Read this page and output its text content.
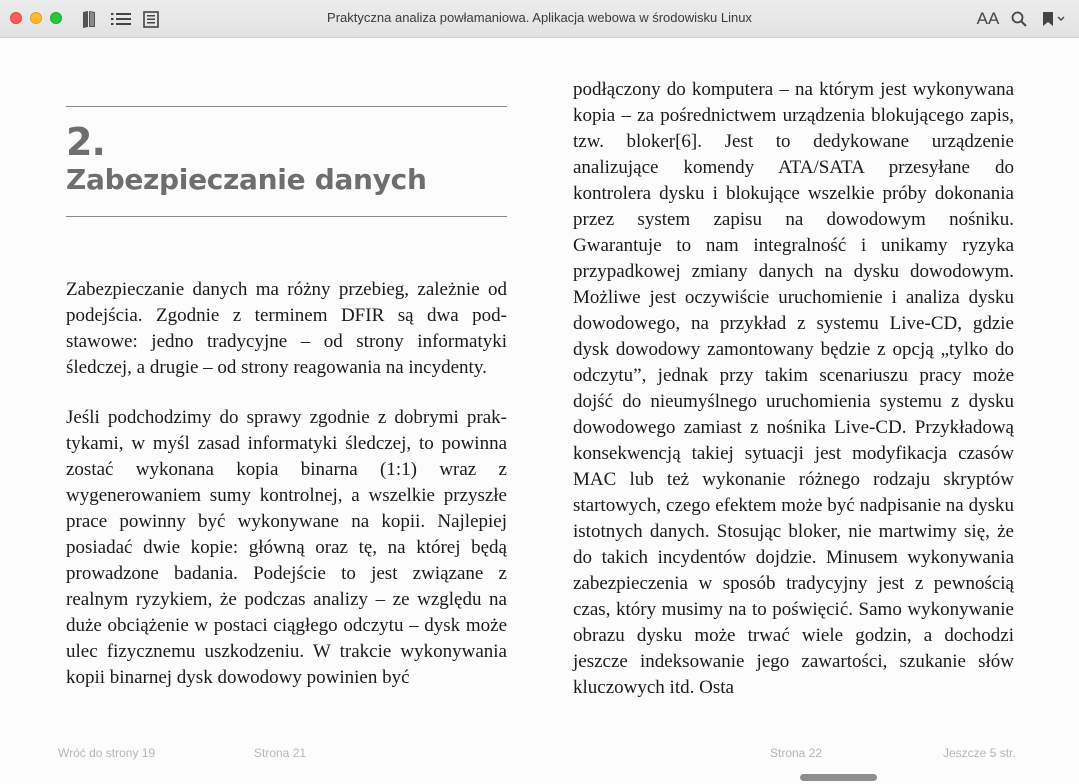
Praktyczna analiza powłamaniowa. Aplikacja webowa w środowisku Linux	AA
2.
Zabezpieczanie danych

Zabezpieczanie danych ma różny przebieg, zależnie od podejścia. Zgodnie z terminem DFIR są dwa podstawowe: jedno tradycyjne – od strony informatyki śledczej, a drugie – od strony reagowania na incydenty.

Jeśli podchodzimy do sprawy zgodnie z dobrymi praktykami, w myśl zasad informatyki śledczej, to powinna zostać wykonana kopia binarna (1:1) wraz z wygenerowaniem sumy kontrolnej, a wszelkie przyszłe prace powinny być wykonywane na kopii. Najlepiej posiadać dwie kopie: główną oraz tę, na której będą prowadzone badania. Podejście to jest związane z realnym ryzykiem, że podczas analizy – ze względu na duże obciążenie w postaci ciągłego odczytu – dysk może ulec fizycznemu uszkodzeniu. W trakcie wykonywania kopii binarnej dysk dowodowy powinien być

podłączony do komputera – na którym jest wykonywana kopia – za pośrednictwem urządzenia blokującego zapis, tzw. bloker[6]. Jest to dedykowane urządzenie analizujące komendy ATA/SATA przesyłane do kontrolera dysku i blokujące wszelkie próby dokonania przez system zapisu na dowodowym nośniku. Gwarantuje to nam integralność i unikamy ryzyka przypadkowej zmiany danych na dysku dowodowym. Możliwe jest oczywiście uruchomienie i analiza dysku dowodowego, na przykład z systemu Live-CD, gdzie dysk dowodowy zamontowany będzie z opcją „tylko do odczytu”, jednak przy takim scenariuszu pracy może dojść do nieumyślnego uruchomienia systemu z dysku dowodowego zamiast z nośnika Live-CD. Przykładową konsekwencją takiej sytuacji jest modyfikacja czasów MAC lub też wykonanie różnego rodzaju skryptów startowych, czego efektem może być nadpisanie na dysku istotnych danych. Stosując bloker, nie martwimy się, że do takich incydentów dojdzie. Minusem wykonywania zabezpieczenia w sposób tradycyjny jest z pewnością czas, który musimy na to poświęcić. Samo wykonywanie obrazu dysku może trwać wiele godzin, a dochodzi jeszcze indeksowanie jego zawartości, szukanie słów kluczowych itd. Osta

Wróć do strony 19	Strona 21	Strona 22	Jeszcze 5 str.
